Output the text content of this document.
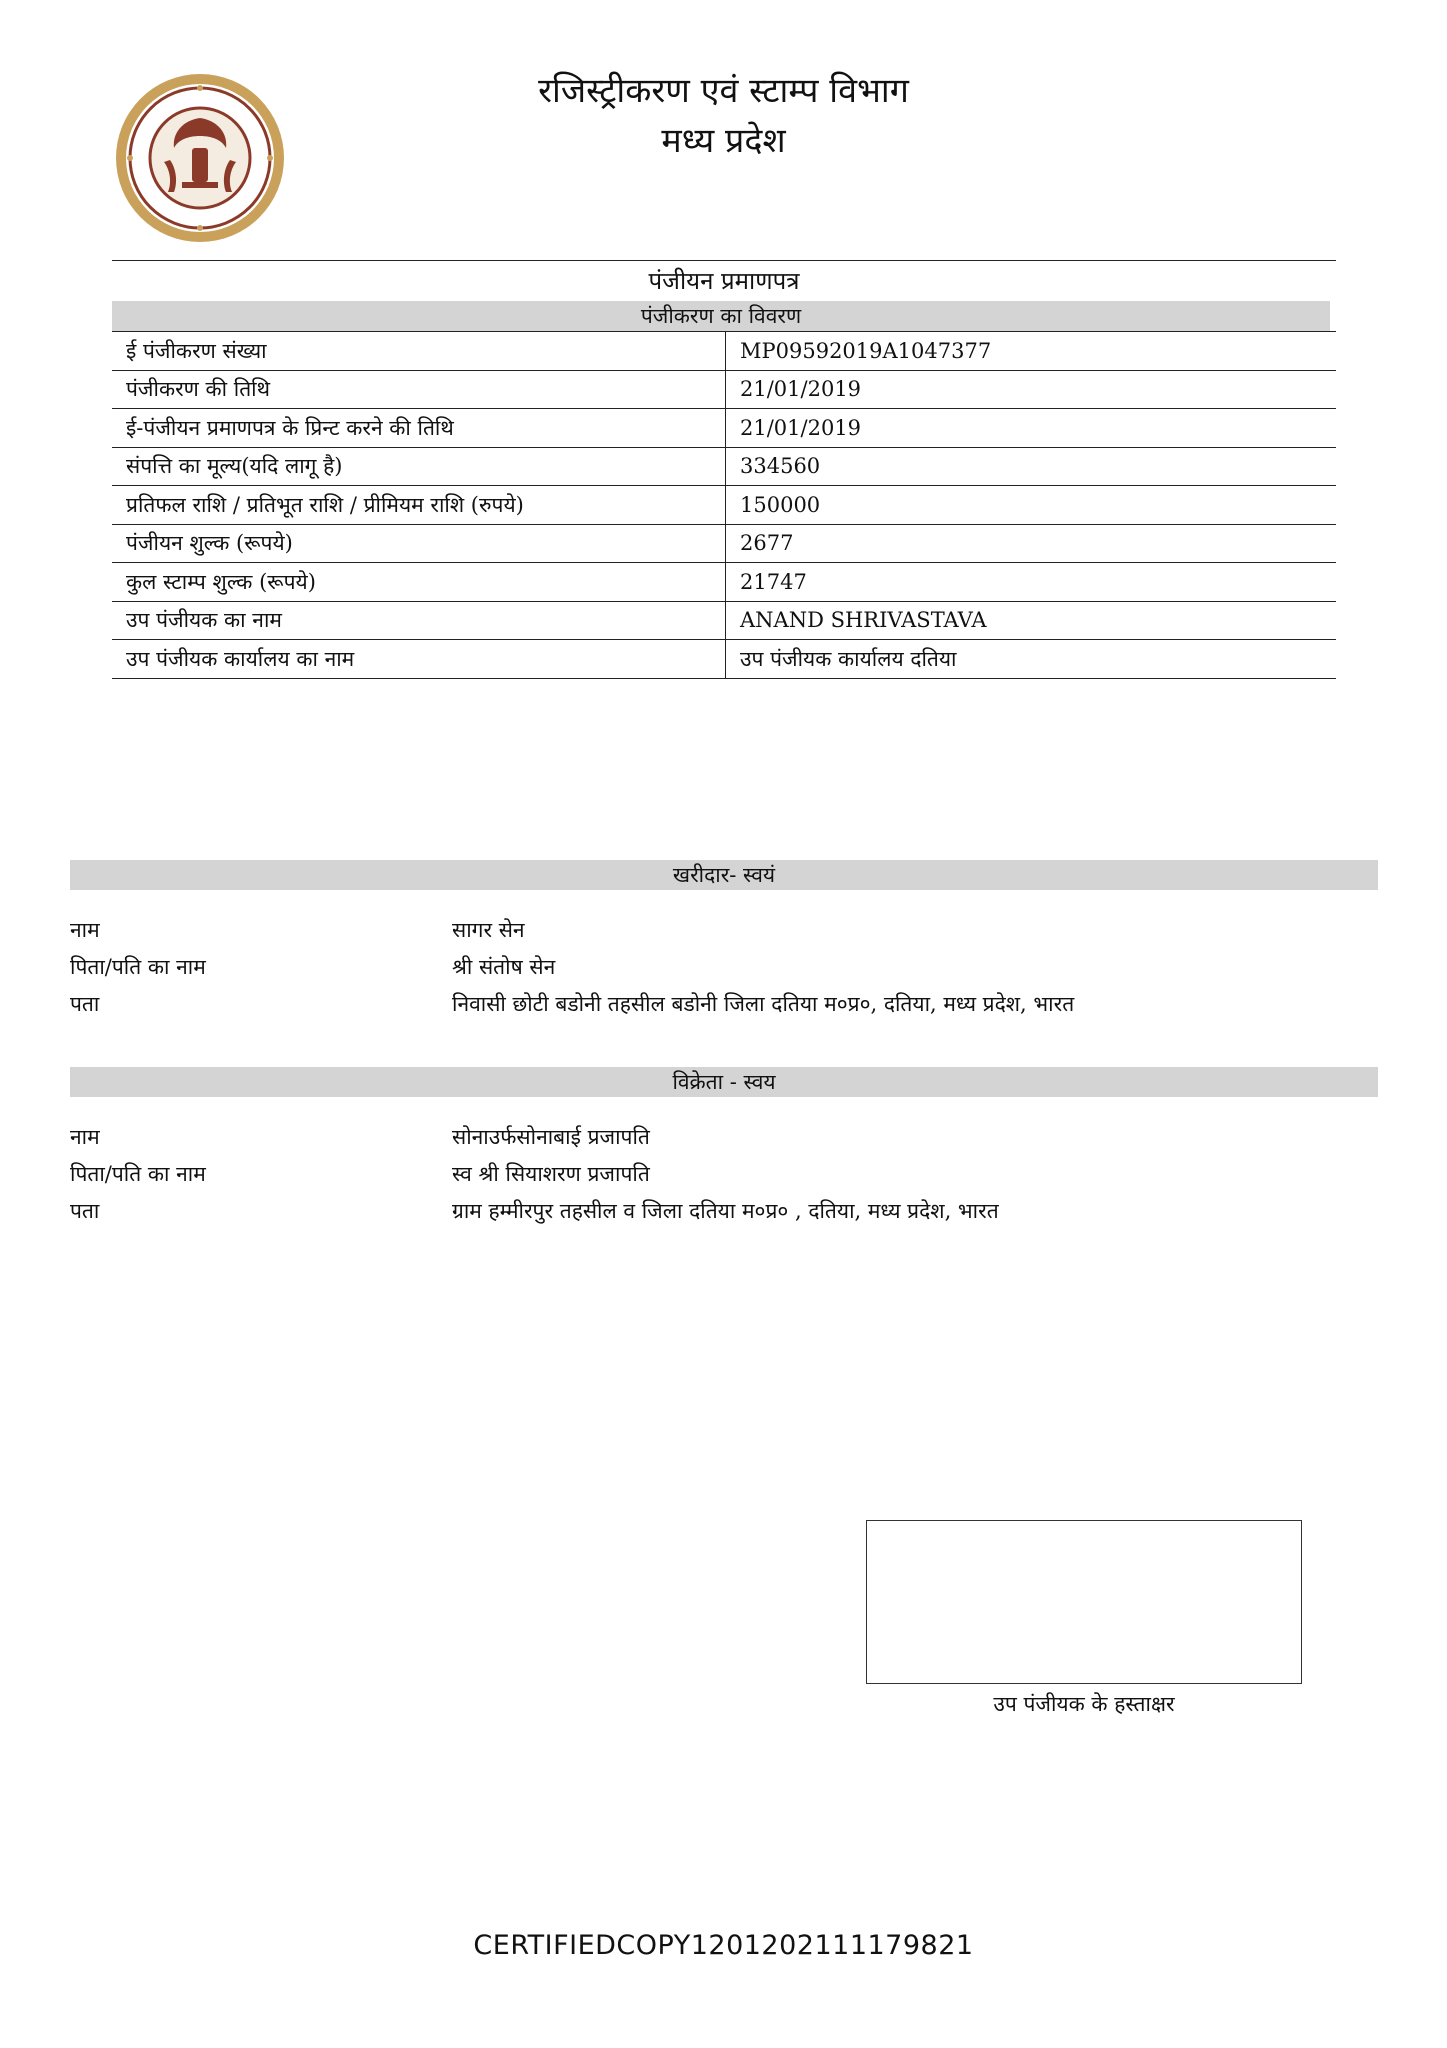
रजिस्ट्रीकरण एवं स्टाम्प विभाग
मध्य प्रदेश
पंजीयन प्रमाणपत्र
पंजीकरण का विवरण
ई पंजीकरण संख्या	MP09592019A1047377
पंजीकरण की तिथि	21/01/2019
ई-पंजीयन प्रमाणपत्र के प्रिन्ट करने की तिथि	21/01/2019
संपत्ति का मूल्य(यदि लागू है)	334560
प्रतिफल राशि / प्रतिभूत राशि / प्रीमियम राशि (रुपये)	150000
पंजीयन शुल्क (रूपये)	2677
कुल स्टाम्प शुल्क (रूपये)	21747
उप पंजीयक का नाम	ANAND SHRIVASTAVA
उप पंजीयक कार्यालय का नाम	उप पंजीयक कार्यालय दतिया
खरीदार- स्वयं
नाम	सागर सेन
पिता/पति का नाम	श्री संतोष सेन
पता	निवासी छोटी बडोनी तहसील बडोनी जिला दतिया म०प्र०, दतिया, मध्य प्रदेश, भारत
विक्रेता - स्वय
नाम	सोनाउर्फसोनाबाई प्रजापति
पिता/पति का नाम	स्व श्री सियाशरण प्रजापति
पता	ग्राम हम्मीरपुर तहसील व जिला दतिया म०प्र० , दतिया, मध्य प्रदेश, भारत
उप पंजीयक के हस्ताक्षर
CERTIFIEDCOPY1201202111179821
